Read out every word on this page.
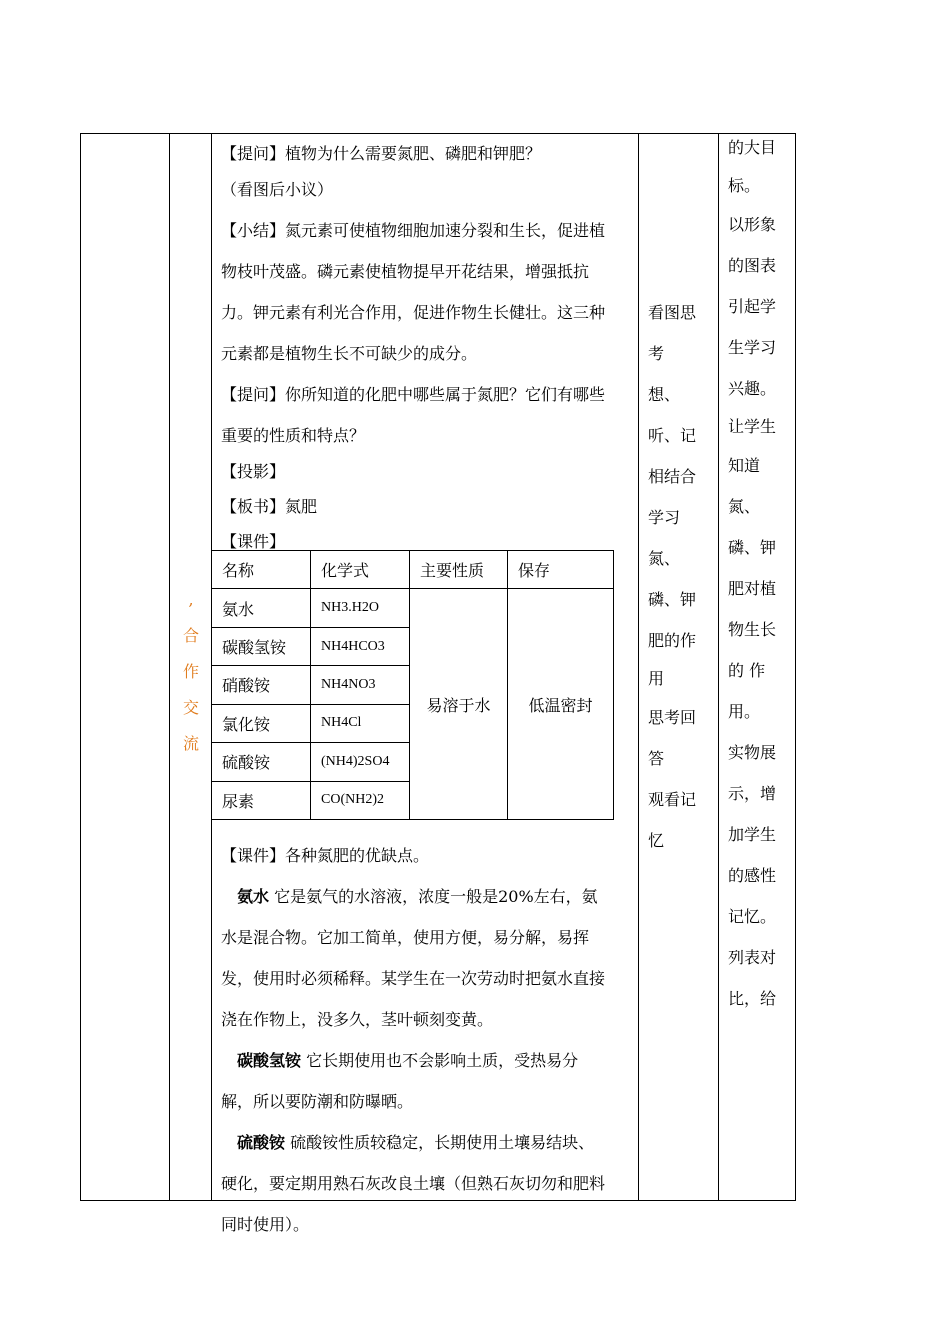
,
合
作
交
流

【提问】植物为什么需要氮肥、磷肥和钾肥？

（看图后小议）

【小结】氮元素可使植物细胞加速分裂和生长，促进植

物枝叶茂盛。磷元素使植物提早开花结果，增强抵抗

力。钾元素有利光合作用，促进作物生长健壮。这三种

元素都是植物生长不可缺少的成分。

【提问】你所知道的化肥中哪些属于氮肥？它们有哪些

重要的性质和特点？

【投影】

【板书】氮肥

【课件】

【课件】各种氮肥的优缺点。

氨水 它是氨气的水溶液，浓度一般是20%左右，氨

水是混合物。它加工简单，使用方便，易分解，易挥

发，使用时必须稀释。某学生在一次劳动时把氨水直接

浇在作物上，没多久，茎叶顿刻变黄。

碳酸氢铵 它长期使用也不会影响土质，受热易分

解，所以要防潮和防曝晒。

硫酸铵 硫酸铵性质较稳定，长期使用土壤易结块、

硬化，要定期用熟石灰改良土壤（但熟石灰切勿和肥料

同时使用）。

名称	化学式	主要性质	保存
氨水	NH3.H2O	易溶于水	低温密封
碳酸氢铵	NH4HCO3		
硝酸铵	NH4NO3		
氯化铵	NH4Cl		
硫酸铵	(NH4)2SO4		
尿素	CO(NH2)2		

看图思

考

想、

听、记

相结合

学习

氮、

磷、钾

肥的作

用

思考回

答

观看记

忆

的大目

标。

以形象

的图表

引起学

生学习

兴趣。

让学生

知道

氮、

磷、钾

肥对植

物生长

的 作

用。

实物展

示，增

加学生

的感性

记忆。

列表对

比，给
